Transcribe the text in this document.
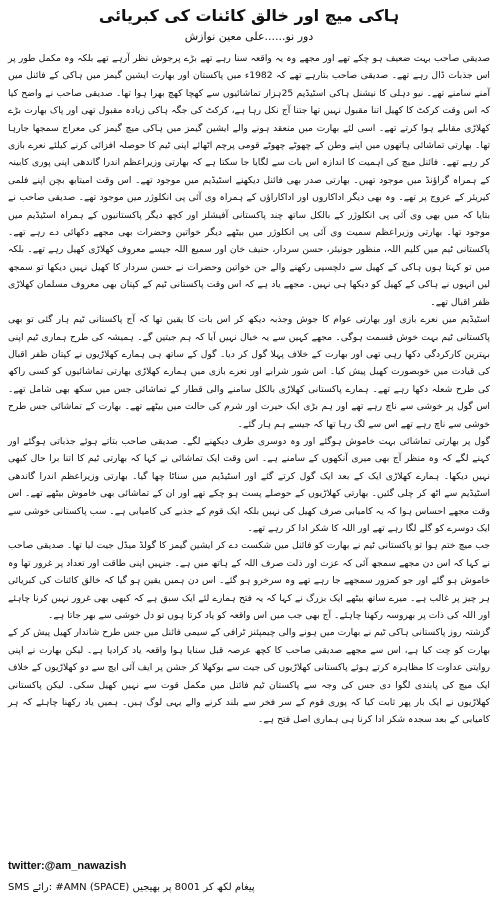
ہاکی میچ اور خالق کائنات کی کبریائی
دور نو......علی معین نوازش

صدیقی صاحب بہت ضعیف ہو چکے تھے اور مجھے وہ یہ واقعہ سنا رہے تھے بڑے پرجوش نظر آرہے تھے بلکہ وہ مکمل طور پر اس جذبات ڈال رہے تھے۔ صدیقی صاحب بتارہے تھے کہ 1982ء میں پاکستان اور بھارت ایشین گیمز میں ہاکی کے فائنل میں آمنے سامنے تھے۔ نیو دہلی کا نیشنل ہاکی اسٹیڈیم 25ہزار تماشائیوں سے کھچا کھچ بھرا ہوا تھا۔ صدیقی صاحب نے واضح کیا کہ اس وقت کرکٹ کا کھیل اتنا مقبول نہیں تھا جتنا آج نکل رہا ہے، کرکٹ کی جگہ ہاکی زیادہ مقبول تھی اور پاک بھارت بڑے کھلاڑی مقابلے ہوا کرتے تھے۔ اسی لئے بھارت میں منعقد ہونے والے ایشین گیمز میں ہاکی میچ گیمز کی معراج سمجھا جارہا تھا۔ بھارتی تماشائی ہاتھوں میں اپنے وطن کے چھوٹے چھوٹے قومی پرچم اٹھائے اپنی ٹیم کا حوصلہ افزائی کرنے کیلئے نعرے بازی کر رہے تھے۔ فائنل میچ کی اہمیت کا اندازہ اس بات سے لگایا جا سکتا ہے کہ بھارتی وزیراعظم اندرا گاندھی اپنی پوری کابینہ کے ہمراہ گراؤنڈ میں موجود تھیں۔ بھارتی صدر بھی فائنل دیکھنے اسٹیڈیم میں موجود تھے۔ اس وقت امیتابھ بچن اپنے فلمی کیریئر کے عروج پر تھے۔ وہ بھی دیگر اداکاروں اور اداکاراؤں کے ہمراہ وی آئی پی انکلوژر میں موجود تھے۔ صدیقی صاحب نے بتایا کہ میں بھی وی آئی پی انکلوژر کے بالکل ساتھ چند پاکستانی آفیشلز اور کچھ دیگر پاکستانیوں کے ہمراہ اسٹیڈیم میں موجود تھا۔ بھارتی وزیراعظم سمیت وی آئی پی انکلوژر میں بیٹھے دیگر خواتین وحضرات بھی مجھے دکھائی دے رہے تھے۔ پاکستانی ٹیم میں کلیم اللہ، منظور جونیئر، حسن سردار، حنیف خان اور سمیع اللہ جیسے معروف کھلاڑی کھیل رہے تھے۔ بلکہ میں تو کہتا ہوں ہاکی کے کھیل سے دلچسپی رکھنے والے جن خواتین وحضرات نے حسن سردار کا کھیل نہیں دیکھا تو سمجھ لیں انہوں نے ہاکی کے کھیل کو دیکھا ہی نہیں۔ مجھے یاد ہے کہ اس وقت پاکستانی ٹیم کے کپتان بھی معروف مسلمان کھلاڑی ظفر اقبال تھے۔

اسٹیڈیم میں نعرے بازی اور بھارتی عوام کا جوش وجذبہ دیکھ کر اس بات کا یقین تھا کہ آج پاکستانی ٹیم ہار گئی تو بھی پاکستانی ٹیم بہت خوش قسمت ہوگی۔ مجھے کہیں سے یہ خیال نہیں آیا کہ ہم جیتیں گے۔ ہمیشہ کی طرح ہماری ٹیم اپنی بہترین کارکردگی دکھا رہی تھی اور بھارت کے خلاف پہلا گول کر دیا۔ گول کے ساتھ ہی ہمارے کھلاڑیوں نے کپتان ظفر اقبال کی قیادت میں خوبصورت کھیل پیش کیا۔ اس شور شرابے اور نعرے بازی میں ہمارے کھلاڑی بھارتی تماشائیوں کو کسی راکھ کی طرح شعلہ دکھا رہے تھے۔ ہمارے پاکستانی کھلاڑی بالکل سامنے والی قطار کے تماشائی جس میں سکھ بھی شامل تھے۔ اس گول پر خوشی سے ناچ رہے تھے اور ہم بڑی ایک حیرت اور شرم کی حالت میں بیٹھے تھے۔ بھارت کے تماشائی جس طرح خوشی سے ناچ رہے تھے اس سے لگ رہا تھا کہ جیسے ہم ہار گئے۔

گول پر بھارتی تماشائی بہت خاموش ہوگئے اور وہ دوسری طرف دیکھنے لگے۔ صدیقی صاحب بتاتے ہوئے جذباتی ہوگئے اور کہنے لگے کہ وہ منظر آج بھی میری آنکھوں کے سامنے ہے۔ اس وقت ایک تماشائی نے کہا کہ بھارتی ٹیم کا اتنا برا حال کبھی نہیں دیکھا۔ ہمارے کھلاڑی ایک کے بعد ایک گول کرتے گئے اور اسٹیڈیم میں سناٹا چھا گیا۔ بھارتی وزیراعظم اندرا گاندھی اسٹیڈیم سے اٹھ کر چلی گئیں۔ بھارتی کھلاڑیوں کے حوصلے پست ہو چکے تھے اور ان کے تماشائی بھی خاموش بیٹھے تھے۔ اس وقت مجھے احساس ہوا کہ یہ کامیابی صرف کھیل کی نہیں بلکہ ایک قوم کے جذبے کی کامیابی ہے۔ سب پاکستانی خوشی سے ایک دوسرے کو گلے لگا رہے تھے اور اللہ کا شکر ادا کر رہے تھے۔

جب میچ ختم ہوا تو پاکستانی ٹیم نے بھارت کو فائنل میں شکست دے کر ایشین گیمز کا گولڈ میڈل جیت لیا تھا۔ صدیقی صاحب نے کہا کہ اس دن مجھے سمجھ آئی کہ عزت اور ذلت صرف اللہ کے ہاتھ میں ہے۔ جنہیں اپنی طاقت اور تعداد پر غرور تھا وہ خاموش ہو گئے اور جو کمزور سمجھے جا رہے تھے وہ سرخرو ہو گئے۔ اس دن ہمیں یقین ہو گیا کہ خالق کائنات کی کبریائی ہر چیز پر غالب ہے۔ میرے ساتھ بیٹھے ایک بزرگ نے کہا کہ یہ فتح ہمارے لئے ایک سبق ہے کہ کبھی بھی غرور نہیں کرنا چاہئے اور اللہ کی ذات پر بھروسہ رکھنا چاہئے۔ آج بھی جب میں اس واقعہ کو یاد کرتا ہوں تو دل خوشی سے بھر جاتا ہے۔

گزشتہ روز پاکستانی ہاکی ٹیم نے بھارت میں ہونے والی چیمپئنز ٹرافی کے سیمی فائنل میں جس طرح شاندار کھیل پیش کر کے بھارت کو چت کیا ہے، اس سے مجھے صدیقی صاحب کا کچھ عرصہ قبل سنایا ہوا واقعہ یاد کرادیا ہے۔ لیکن بھارت نے اپنی روایتی عداوت کا مظاہرہ کرتے ہوئے پاکستانی کھلاڑیوں کی جیت سے بوکھلا کر جشن پر ایف آئی ایچ سے دو کھلاڑیوں کے خلاف ایک میچ کی پابندی لگوا دی جس کی وجہ سے پاکستان ٹیم فائنل میں مکمل قوت سے نہیں کھیل سکی۔ لیکن پاکستانی کھلاڑیوں نے ایک بار پھر ثابت کیا کہ پوری قوم کے سر فخر سے بلند کرنے والے یہی لوگ ہیں۔ ہمیں یاد رکھنا چاہئے کہ ہر کامیابی کے بعد سجدہ شکر ادا کرنا ہی ہماری اصل فتح ہے۔

twitter:@am_nawazish
SMS رائے: #AMN (SPACE) پیغام لکھ کر 8001 پر بھیجیں
